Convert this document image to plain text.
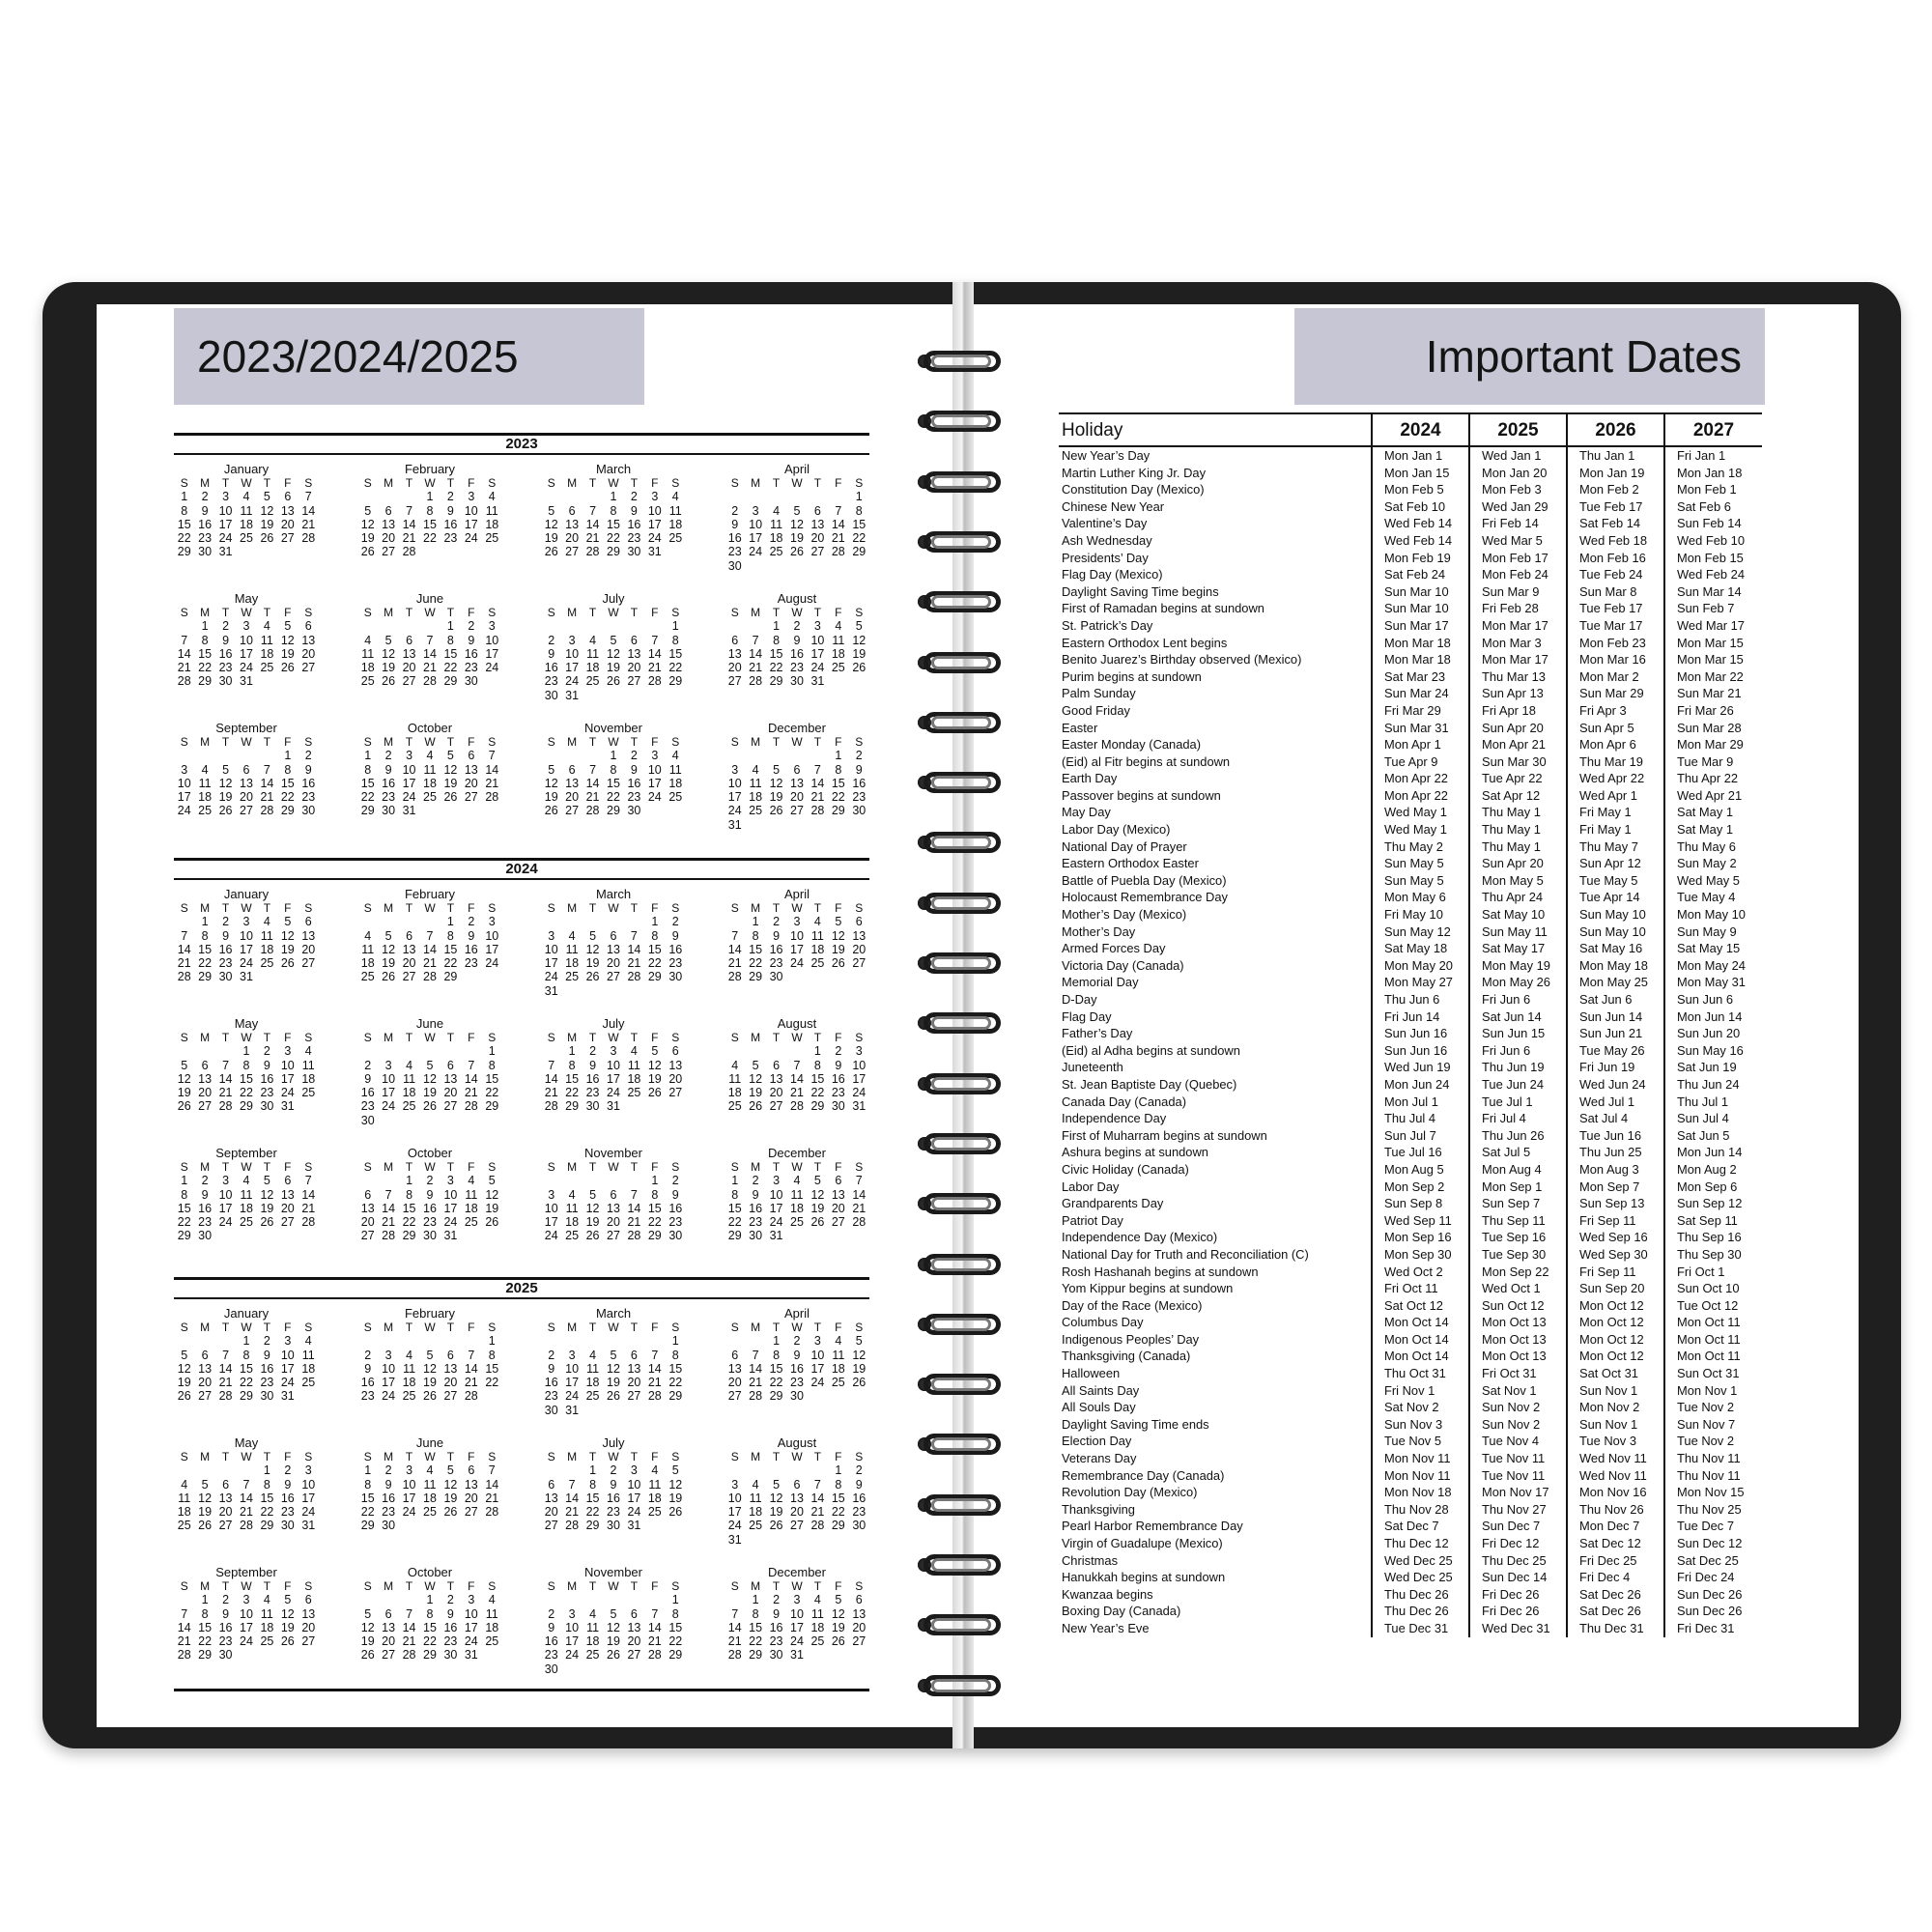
2023/2024/2025	Important Dates
2023
January
S	M	T	W	T	F	S
1	2	3	4	5	6	7
8	9	10	11	12	13	14
15	16	17	18	19	20	21
22	23	24	25	26	27	28
29	30	31				
February
S	M	T	W	T	F	S
			1	2	3	4
5	6	7	8	9	10	11
12	13	14	15	16	17	18
19	20	21	22	23	24	25
26	27	28				
March
S	M	T	W	T	F	S
			1	2	3	4
5	6	7	8	9	10	11
12	13	14	15	16	17	18
19	20	21	22	23	24	25
26	27	28	29	30	31	
April
S	M	T	W	T	F	S
						1
2	3	4	5	6	7	8
9	10	11	12	13	14	15
16	17	18	19	20	21	22
23	24	25	26	27	28	29
30						
May
S	M	T	W	T	F	S
	1	2	3	4	5	6
7	8	9	10	11	12	13
14	15	16	17	18	19	20
21	22	23	24	25	26	27
28	29	30	31			
June
S	M	T	W	T	F	S
				1	2	3
4	5	6	7	8	9	10
11	12	13	14	15	16	17
18	19	20	21	22	23	24
25	26	27	28	29	30	
July
S	M	T	W	T	F	S
						1
2	3	4	5	6	7	8
9	10	11	12	13	14	15
16	17	18	19	20	21	22
23	24	25	26	27	28	29
30	31					
August
S	M	T	W	T	F	S
		1	2	3	4	5
6	7	8	9	10	11	12
13	14	15	16	17	18	19
20	21	22	23	24	25	26
27	28	29	30	31		
September
S	M	T	W	T	F	S
					1	2
3	4	5	6	7	8	9
10	11	12	13	14	15	16
17	18	19	20	21	22	23
24	25	26	27	28	29	30
October
S	M	T	W	T	F	S
1	2	3	4	5	6	7
8	9	10	11	12	13	14
15	16	17	18	19	20	21
22	23	24	25	26	27	28
29	30	31				
November
S	M	T	W	T	F	S
			1	2	3	4
5	6	7	8	9	10	11
12	13	14	15	16	17	18
19	20	21	22	23	24	25
26	27	28	29	30		
December
S	M	T	W	T	F	S
					1	2
3	4	5	6	7	8	9
10	11	12	13	14	15	16
17	18	19	20	21	22	23
24	25	26	27	28	29	30
31						
2024
January
S	M	T	W	T	F	S
	1	2	3	4	5	6
7	8	9	10	11	12	13
14	15	16	17	18	19	20
21	22	23	24	25	26	27
28	29	30	31			
February
S	M	T	W	T	F	S
				1	2	3
4	5	6	7	8	9	10
11	12	13	14	15	16	17
18	19	20	21	22	23	24
25	26	27	28	29		
March
S	M	T	W	T	F	S
					1	2
3	4	5	6	7	8	9
10	11	12	13	14	15	16
17	18	19	20	21	22	23
24	25	26	27	28	29	30
31						
April
S	M	T	W	T	F	S
	1	2	3	4	5	6
7	8	9	10	11	12	13
14	15	16	17	18	19	20
21	22	23	24	25	26	27
28	29	30				
May
S	M	T	W	T	F	S
			1	2	3	4
5	6	7	8	9	10	11
12	13	14	15	16	17	18
19	20	21	22	23	24	25
26	27	28	29	30	31	
June
S	M	T	W	T	F	S
						1
2	3	4	5	6	7	8
9	10	11	12	13	14	15
16	17	18	19	20	21	22
23	24	25	26	27	28	29
30						
July
S	M	T	W	T	F	S
	1	2	3	4	5	6
7	8	9	10	11	12	13
14	15	16	17	18	19	20
21	22	23	24	25	26	27
28	29	30	31			
August
S	M	T	W	T	F	S
				1	2	3
4	5	6	7	8	9	10
11	12	13	14	15	16	17
18	19	20	21	22	23	24
25	26	27	28	29	30	31
September
S	M	T	W	T	F	S
1	2	3	4	5	6	7
8	9	10	11	12	13	14
15	16	17	18	19	20	21
22	23	24	25	26	27	28
29	30					
October
S	M	T	W	T	F	S
		1	2	3	4	5
6	7	8	9	10	11	12
13	14	15	16	17	18	19
20	21	22	23	24	25	26
27	28	29	30	31		
November
S	M	T	W	T	F	S
					1	2
3	4	5	6	7	8	9
10	11	12	13	14	15	16
17	18	19	20	21	22	23
24	25	26	27	28	29	30
December
S	M	T	W	T	F	S
1	2	3	4	5	6	7
8	9	10	11	12	13	14
15	16	17	18	19	20	21
22	23	24	25	26	27	28
29	30	31				
2025
January
S	M	T	W	T	F	S
			1	2	3	4
5	6	7	8	9	10	11
12	13	14	15	16	17	18
19	20	21	22	23	24	25
26	27	28	29	30	31	
February
S	M	T	W	T	F	S
						1
2	3	4	5	6	7	8
9	10	11	12	13	14	15
16	17	18	19	20	21	22
23	24	25	26	27	28	
March
S	M	T	W	T	F	S
						1
2	3	4	5	6	7	8
9	10	11	12	13	14	15
16	17	18	19	20	21	22
23	24	25	26	27	28	29
30	31					
April
S	M	T	W	T	F	S
		1	2	3	4	5
6	7	8	9	10	11	12
13	14	15	16	17	18	19
20	21	22	23	24	25	26
27	28	29	30			
May
S	M	T	W	T	F	S
				1	2	3
4	5	6	7	8	9	10
11	12	13	14	15	16	17
18	19	20	21	22	23	24
25	26	27	28	29	30	31
June
S	M	T	W	T	F	S
1	2	3	4	5	6	7
8	9	10	11	12	13	14
15	16	17	18	19	20	21
22	23	24	25	26	27	28
29	30					
July
S	M	T	W	T	F	S
		1	2	3	4	5
6	7	8	9	10	11	12
13	14	15	16	17	18	19
20	21	22	23	24	25	26
27	28	29	30	31		
August
S	M	T	W	T	F	S
					1	2
3	4	5	6	7	8	9
10	11	12	13	14	15	16
17	18	19	20	21	22	23
24	25	26	27	28	29	30
31						
September
S	M	T	W	T	F	S
	1	2	3	4	5	6
7	8	9	10	11	12	13
14	15	16	17	18	19	20
21	22	23	24	25	26	27
28	29	30				
October
S	M	T	W	T	F	S
			1	2	3	4
5	6	7	8	9	10	11
12	13	14	15	16	17	18
19	20	21	22	23	24	25
26	27	28	29	30	31	
November
S	M	T	W	T	F	S
						1
2	3	4	5	6	7	8
9	10	11	12	13	14	15
16	17	18	19	20	21	22
23	24	25	26	27	28	29
30						
December
S	M	T	W	T	F	S
	1	2	3	4	5	6
7	8	9	10	11	12	13
14	15	16	17	18	19	20
21	22	23	24	25	26	27
28	29	30	31			
Holiday	2024	2025	2026	2027
New Year’s Day	Mon Jan 1	Wed Jan 1	Thu Jan 1	Fri Jan 1
Martin Luther King Jr. Day	Mon Jan 15	Mon Jan 20	Mon Jan 19	Mon Jan 18
Constitution Day (Mexico)	Mon Feb 5	Mon Feb 3	Mon Feb 2	Mon Feb 1
Chinese New Year	Sat Feb 10	Wed Jan 29	Tue Feb 17	Sat Feb 6
Valentine’s Day	Wed Feb 14	Fri Feb 14	Sat Feb 14	Sun Feb 14
Ash Wednesday	Wed Feb 14	Wed Mar 5	Wed Feb 18	Wed Feb 10
Presidents’ Day	Mon Feb 19	Mon Feb 17	Mon Feb 16	Mon Feb 15
Flag Day (Mexico)	Sat Feb 24	Mon Feb 24	Tue Feb 24	Wed Feb 24
Daylight Saving Time begins	Sun Mar 10	Sun Mar 9	Sun Mar 8	Sun Mar 14
First of Ramadan begins at sundown	Sun Mar 10	Fri Feb 28	Tue Feb 17	Sun Feb 7
St. Patrick’s Day	Sun Mar 17	Mon Mar 17	Tue Mar 17	Wed Mar 17
Eastern Orthodox Lent begins	Mon Mar 18	Mon Mar 3	Mon Feb 23	Mon Mar 15
Benito Juarez’s Birthday observed (Mexico)	Mon Mar 18	Mon Mar 17	Mon Mar 16	Mon Mar 15
Purim begins at sundown	Sat Mar 23	Thu Mar 13	Mon Mar 2	Mon Mar 22
Palm Sunday	Sun Mar 24	Sun Apr 13	Sun Mar 29	Sun Mar 21
Good Friday	Fri Mar 29	Fri Apr 18	Fri Apr 3	Fri Mar 26
Easter	Sun Mar 31	Sun Apr 20	Sun Apr 5	Sun Mar 28
Easter Monday (Canada)	Mon Apr 1	Mon Apr 21	Mon Apr 6	Mon Mar 29
(Eid) al Fitr begins at sundown	Tue Apr 9	Sun Mar 30	Thu Mar 19	Tue Mar 9
Earth Day	Mon Apr 22	Tue Apr 22	Wed Apr 22	Thu Apr 22
Passover begins at sundown	Mon Apr 22	Sat Apr 12	Wed Apr 1	Wed Apr 21
May Day	Wed May 1	Thu May 1	Fri May 1	Sat May 1
Labor Day (Mexico)	Wed May 1	Thu May 1	Fri May 1	Sat May 1
National Day of Prayer	Thu May 2	Thu May 1	Thu May 7	Thu May 6
Eastern Orthodox Easter	Sun May 5	Sun Apr 20	Sun Apr 12	Sun May 2
Battle of Puebla Day (Mexico)	Sun May 5	Mon May 5	Tue May 5	Wed May 5
Holocaust Remembrance Day	Mon May 6	Thu Apr 24	Tue Apr 14	Tue May 4
Mother’s Day (Mexico)	Fri May 10	Sat May 10	Sun May 10	Mon May 10
Mother’s Day	Sun May 12	Sun May 11	Sun May 10	Sun May 9
Armed Forces Day	Sat May 18	Sat May 17	Sat May 16	Sat May 15
Victoria Day (Canada)	Mon May 20	Mon May 19	Mon May 18	Mon May 24
Memorial Day	Mon May 27	Mon May 26	Mon May 25	Mon May 31
D-Day	Thu Jun 6	Fri Jun 6	Sat Jun 6	Sun Jun 6
Flag Day	Fri Jun 14	Sat Jun 14	Sun Jun 14	Mon Jun 14
Father’s Day	Sun Jun 16	Sun Jun 15	Sun Jun 21	Sun Jun 20
(Eid) al Adha begins at sundown	Sun Jun 16	Fri Jun 6	Tue May 26	Sun May 16
Juneteenth	Wed Jun 19	Thu Jun 19	Fri Jun 19	Sat Jun 19
St. Jean Baptiste Day (Quebec)	Mon Jun 24	Tue Jun 24	Wed Jun 24	Thu Jun 24
Canada Day (Canada)	Mon Jul 1	Tue Jul 1	Wed Jul 1	Thu Jul 1
Independence Day	Thu Jul 4	Fri Jul 4	Sat Jul 4	Sun Jul 4
First of Muharram begins at sundown	Sun Jul 7	Thu Jun 26	Tue Jun 16	Sat Jun 5
Ashura begins at sundown	Tue Jul 16	Sat Jul 5	Thu Jun 25	Mon Jun 14
Civic Holiday (Canada)	Mon Aug 5	Mon Aug 4	Mon Aug 3	Mon Aug 2
Labor Day	Mon Sep 2	Mon Sep 1	Mon Sep 7	Mon Sep 6
Grandparents Day	Sun Sep 8	Sun Sep 7	Sun Sep 13	Sun Sep 12
Patriot Day	Wed Sep 11	Thu Sep 11	Fri Sep 11	Sat Sep 11
Independence Day (Mexico)	Mon Sep 16	Tue Sep 16	Wed Sep 16	Thu Sep 16
National Day for Truth and Reconciliation (C)	Mon Sep 30	Tue Sep 30	Wed Sep 30	Thu Sep 30
Rosh Hashanah begins at sundown	Wed Oct 2	Mon Sep 22	Fri Sep 11	Fri Oct 1
Yom Kippur begins at sundown	Fri Oct 11	Wed Oct 1	Sun Sep 20	Sun Oct 10
Day of the Race (Mexico)	Sat Oct 12	Sun Oct 12	Mon Oct 12	Tue Oct 12
Columbus Day	Mon Oct 14	Mon Oct 13	Mon Oct 12	Mon Oct 11
Indigenous Peoples’ Day	Mon Oct 14	Mon Oct 13	Mon Oct 12	Mon Oct 11
Thanksgiving (Canada)	Mon Oct 14	Mon Oct 13	Mon Oct 12	Mon Oct 11
Halloween	Thu Oct 31	Fri Oct 31	Sat Oct 31	Sun Oct 31
All Saints Day	Fri Nov 1	Sat Nov 1	Sun Nov 1	Mon Nov 1
All Souls Day	Sat Nov 2	Sun Nov 2	Mon Nov 2	Tue Nov 2
Daylight Saving Time ends	Sun Nov 3	Sun Nov 2	Sun Nov 1	Sun Nov 7
Election Day	Tue Nov 5	Tue Nov 4	Tue Nov 3	Tue Nov 2
Veterans Day	Mon Nov 11	Tue Nov 11	Wed Nov 11	Thu Nov 11
Remembrance Day (Canada)	Mon Nov 11	Tue Nov 11	Wed Nov 11	Thu Nov 11
Revolution Day (Mexico)	Mon Nov 18	Mon Nov 17	Mon Nov 16	Mon Nov 15
Thanksgiving	Thu Nov 28	Thu Nov 27	Thu Nov 26	Thu Nov 25
Pearl Harbor Remembrance Day	Sat Dec 7	Sun Dec 7	Mon Dec 7	Tue Dec 7
Virgin of Guadalupe (Mexico)	Thu Dec 12	Fri Dec 12	Sat Dec 12	Sun Dec 12
Christmas	Wed Dec 25	Thu Dec 25	Fri Dec 25	Sat Dec 25
Hanukkah begins at sundown	Wed Dec 25	Sun Dec 14	Fri Dec 4	Fri Dec 24
Kwanzaa begins	Thu Dec 26	Fri Dec 26	Sat Dec 26	Sun Dec 26
Boxing Day (Canada)	Thu Dec 26	Fri Dec 26	Sat Dec 26	Sun Dec 26
New Year’s Eve	Tue Dec 31	Wed Dec 31	Thu Dec 31	Fri Dec 31
